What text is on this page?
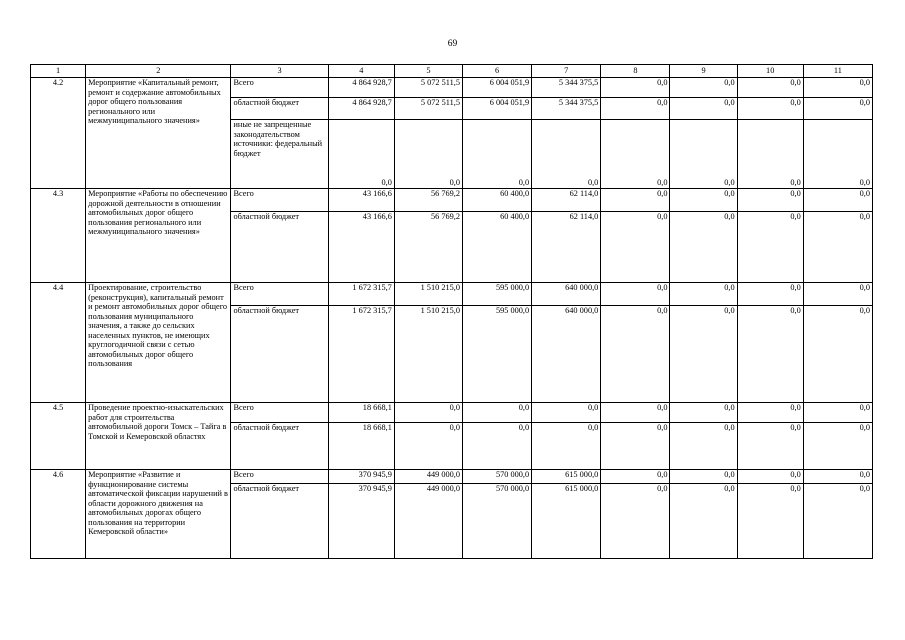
69
1	2	3	4	5	6	7	8	9	10	11
4.2	Мероприятие «Капитальный ремонт, ремонт и содержание автомобильных дорог общего пользования регионального или межмуниципального значения»	Всего	4 864 928,7	5 072 511,5	6 004 051,9	5 344 375,5	0,0	0,0	0,0	0,0
		областной бюджет	4 864 928,7	5 072 511,5	6 004 051,9	5 344 375,5	0,0	0,0	0,0	0,0
		иные не запрещенные законодательством источники: федеральный бюджет	0,0	0,0	0,0	0,0	0,0	0,0	0,0	0,0
4.3	Мероприятие «Работы по обеспечению дорожной деятельности в отношении автомобильных дорог общего пользования регионального или межмуниципального значения»	Всего	43 166,6	56 769,2	60 400,0	62 114,0	0,0	0,0	0,0	0,0
		областной бюджет	43 166,6	56 769,2	60 400,0	62 114,0	0,0	0,0	0,0	0,0
4.4	Проектирование, строительство (реконструкция), капитальный ремонт и ремонт автомобильных дорог общего пользования муниципального значения, а также до сельских населенных пунктов, не имеющих круглогодичной связи с сетью автомобильных дорог общего пользования	Всего	1 672 315,7	1 510 215,0	595 000,0	640 000,0	0,0	0,0	0,0	0,0
		областной бюджет	1 672 315,7	1 510 215,0	595 000,0	640 000,0	0,0	0,0	0,0	0,0
4.5	Проведение проектно-изыскательских работ для строительства автомобильной дороги Томск – Тайга в Томской и Кемеровской областях	Всего	18 668,1	0,0	0,0	0,0	0,0	0,0	0,0	0,0
		областной бюджет	18 668,1	0,0	0,0	0,0	0,0	0,0	0,0	0,0
4.6	Мероприятие «Развитие и функционирование системы автоматической фиксации нарушений в области дорожного движения на автомобильных дорогах общего пользования на территории Кемеровской области»	Всего	370 945,9	449 000,0	570 000,0	615 000,0	0,0	0,0	0,0	0,0
		областной бюджет	370 945,9	449 000,0	570 000,0	615 000,0	0,0	0,0	0,0	0,0
